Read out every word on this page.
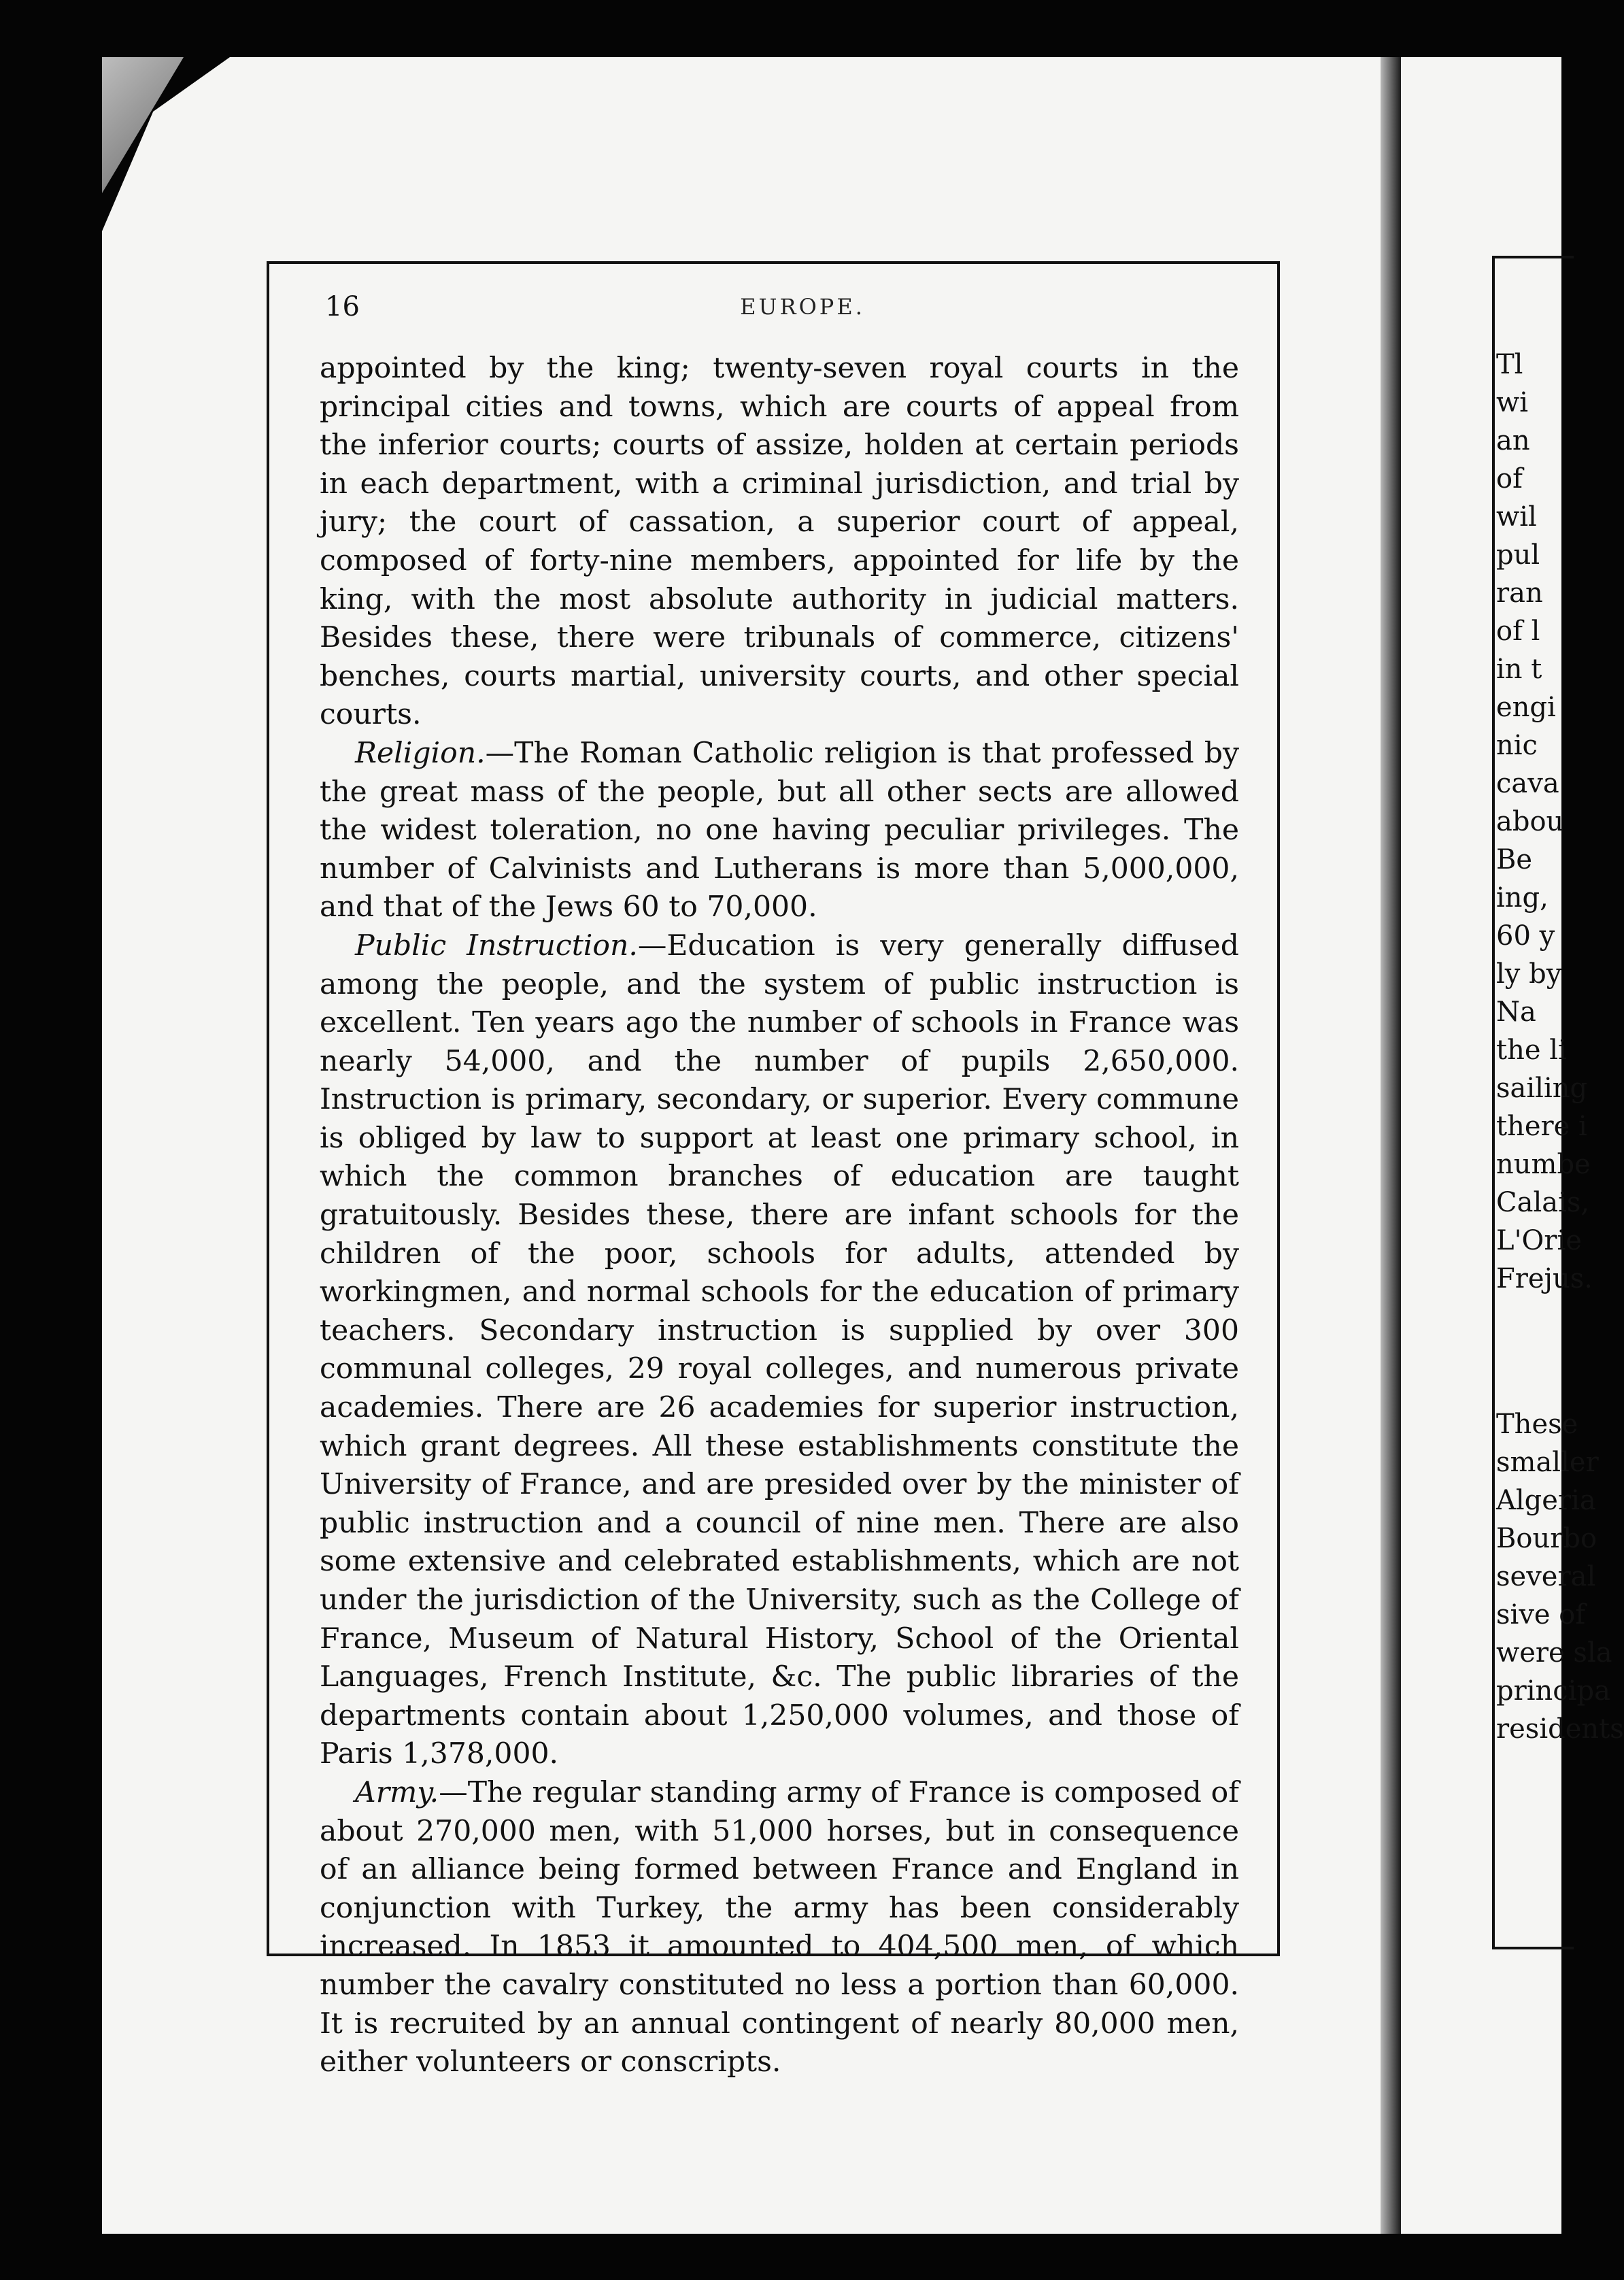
16	EUROPE.

appointed by the king; twenty-seven royal courts in the principal cities and towns, which are courts of appeal from the inferior courts; courts of assize, holden at certain periods in each department, with a criminal jurisdiction, and trial by jury; the court of cassation, a superior court of appeal, composed of forty-nine members, appointed for life by the king, with the most absolute authority in judicial matters. Besides these, there were tribunals of commerce, citizens' benches, courts martial, university courts, and other special courts.

Religion.—The Roman Catholic religion is that professed by the great mass of the people, but all other sects are allowed the widest toleration, no one having peculiar privileges. The number of Calvinists and Lutherans is more than 5,000,000, and that of the Jews 60 to 70,000.

Public Instruction.—Education is very generally diffused among the people, and the system of public instruction is excellent. Ten years ago the number of schools in France was nearly 54,000, and the number of pupils 2,650,000. Instruction is primary, secondary, or superior. Every commune is obliged by law to support at least one primary school, in which the common branches of education are taught gratuitously. Besides these, there are infant schools for the children of the poor, schools for adults, attended by workingmen, and normal schools for the education of primary teachers. Secondary instruction is supplied by over 300 communal colleges, 29 royal colleges, and numerous private academies. There are 26 academies for superior instruction, which grant degrees. All these establishments constitute the University of France, and are presided over by the minister of public instruction and a council of nine men. There are also some extensive and celebrated establishments, which are not under the jurisdiction of the University, such as the College of France, Museum of Natural History, School of the Oriental Languages, French Institute, &c. The public libraries of the departments contain about 1,250,000 volumes, and those of Paris 1,378,000.

Army.—The regular standing army of France is composed of about 270,000 men, with 51,000 horses, but in consequence of an alliance being formed between France and England in conjunction with Turkey, the army has been considerably increased. In 1853 it amounted to 404,500 men, of which number the cavalry constituted no less a portion than 60,000. It is recruited by an annual contingent of nearly 80,000 men, either volunteers or conscripts.

Tl
wi
an
of
wil
pul
ran
of l
in t
engi
nic
cava
abou
Be
ing,
60 y
ly by
Na
the li
sailing
there i
numbe
Calais,
L'Orie
Frejus.
These
smaller
Algeria
Bourbo
several
sive of
were sla
principa
residents
